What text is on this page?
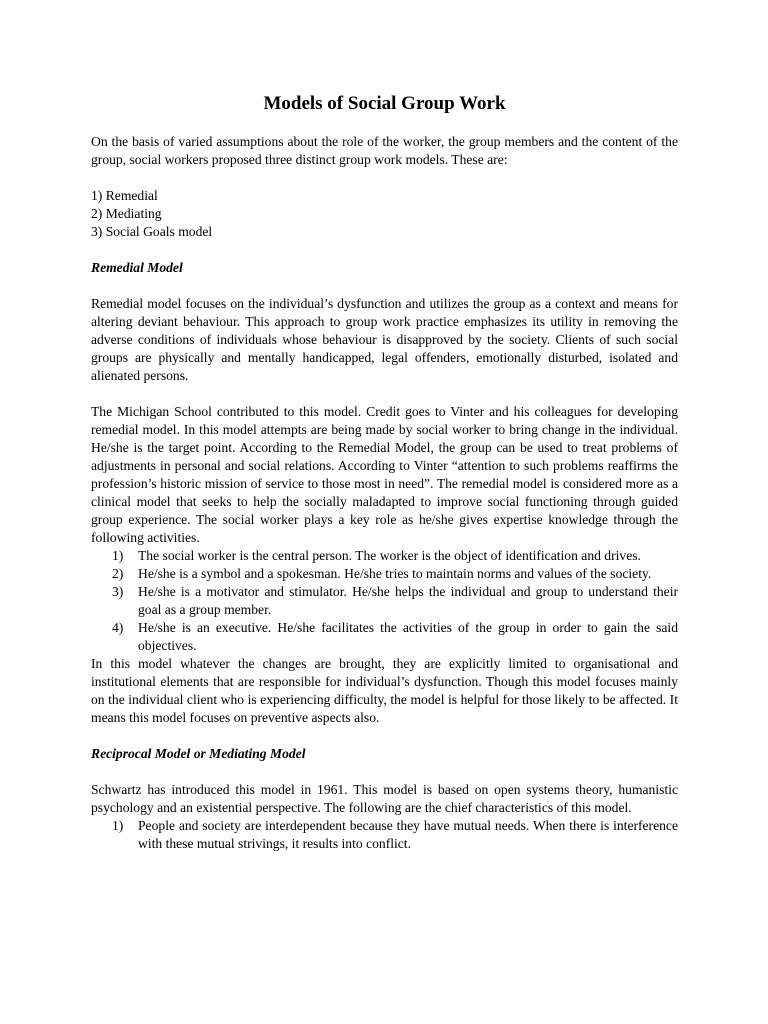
Models of Social Group Work

On the basis of varied assumptions about the role of the worker, the group members and the content of the group, social workers proposed three distinct group work models. These are:

1) Remedial
2) Mediating
3) Social Goals model
Remedial Model

Remedial model focuses on the individual’s dysfunction and utilizes the group as a context and means for altering deviant behaviour. This approach to group work practice emphasizes its utility in removing the adverse conditions of individuals whose behaviour is disapproved by the society. Clients of such social groups are physically and mentally handicapped, legal offenders, emotionally disturbed, isolated and alienated persons.

The Michigan School contributed to this model. Credit goes to Vinter and his colleagues for developing remedial model. In this model attempts are being made by social worker to bring change in the individual. He/she is the target point. According to the Remedial Model, the group can be used to treat problems of adjustments in personal and social relations. According to Vinter “attention to such problems reaffirms the profession’s historic mission of service to those most in need”. The remedial model is considered more as a clinical model that seeks to help the socially maladapted to improve social functioning through guided group experience. The social worker plays a key role as he/she gives expertise knowledge through the following activities.

1) The social worker is the central person. The worker is the object of identification and drives.
2) He/she is a symbol and a spokesman. He/she tries to maintain norms and values of the society.
3) He/she is a motivator and stimulator. He/she helps the individual and group to understand their goal as a group member.
4) He/she is an executive. He/she facilitates the activities of the group in order to gain the said objectives.

In this model whatever the changes are brought, they are explicitly limited to organisational and institutional elements that are responsible for individual’s dysfunction. Though this model focuses mainly on the individual client who is experiencing difficulty, the model is helpful for those likely to be affected. It means this model focuses on preventive aspects also.

Reciprocal Model or Mediating Model

Schwartz has introduced this model in 1961. This model is based on open systems theory, humanistic psychology and an existential perspective. The following are the chief characteristics of this model.

1) People and society are interdependent because they have mutual needs. When there is interference with these mutual strivings, it results into conflict.
